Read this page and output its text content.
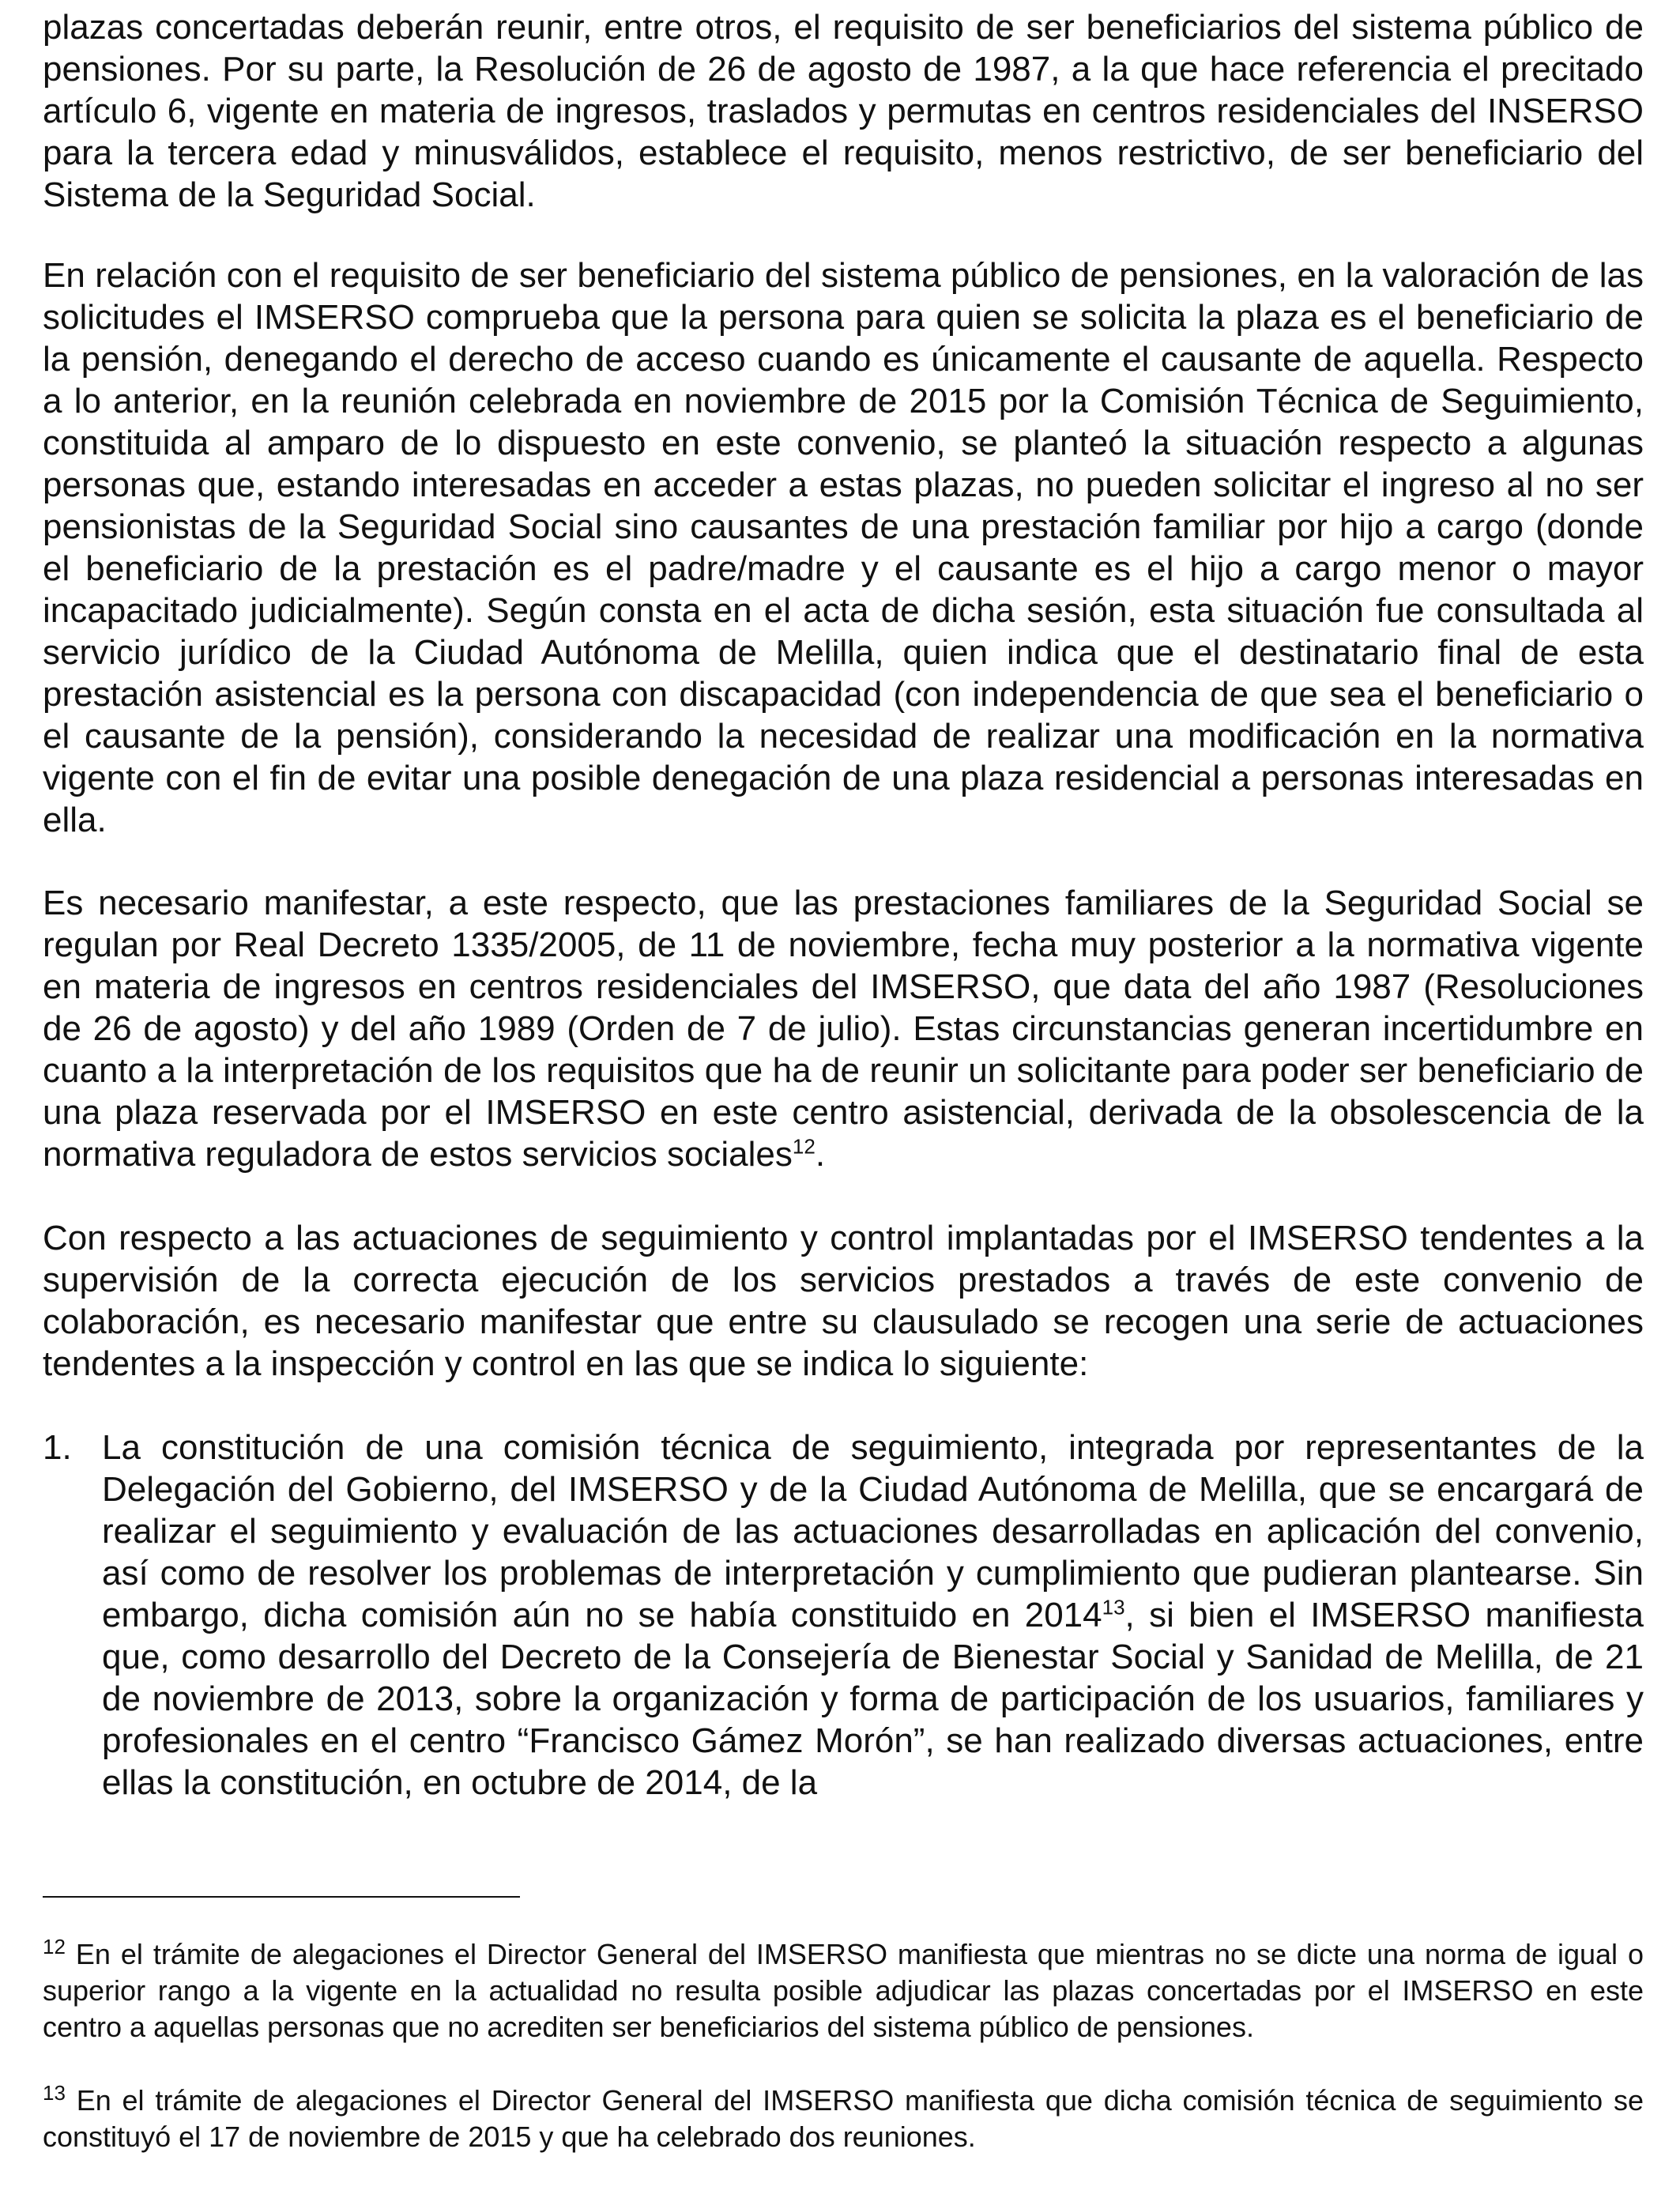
plazas concertadas deberán reunir, entre otros, el requisito de ser beneficiarios del sistema público de pensiones. Por su parte, la Resolución de 26 de agosto de 1987, a la que hace referencia el precitado artículo 6, vigente en materia de ingresos, traslados y permutas en centros residenciales del INSERSO para la tercera edad y minusválidos, establece el requisito, menos restrictivo, de ser beneficiario del Sistema de la Seguridad Social.

En relación con el requisito de ser beneficiario del sistema público de pensiones, en la valoración de las solicitudes el IMSERSO comprueba que la persona para quien se solicita la plaza es el beneficiario de la pensión, denegando el derecho de acceso cuando es únicamente el causante de aquella. Respecto a lo anterior, en la reunión celebrada en noviembre de 2015 por la Comisión Técnica de Seguimiento, constituida al amparo de lo dispuesto en este convenio, se planteó la situación respecto a algunas personas que, estando interesadas en acceder a estas plazas, no pueden solicitar el ingreso al no ser pensionistas de la Seguridad Social sino causantes de una prestación familiar por hijo a cargo (donde el beneficiario de la prestación es el padre/madre y el causante es el hijo a cargo menor o mayor incapacitado judicialmente). Según consta en el acta de dicha sesión, esta situación fue consultada al servicio jurídico de la Ciudad Autónoma de Melilla, quien indica que el destinatario final de esta prestación asistencial es la persona con discapacidad (con independencia de que sea el beneficiario o el causante de la pensión), considerando la necesidad de realizar una modificación en la normativa vigente con el fin de evitar una posible denegación de una plaza residencial a personas interesadas en ella.

Es necesario manifestar, a este respecto, que las prestaciones familiares de la Seguridad Social se regulan por Real Decreto 1335/2005, de 11 de noviembre, fecha muy posterior a la normativa vigente en materia de ingresos en centros residenciales del IMSERSO, que data del año 1987 (Resoluciones de 26 de agosto) y del año 1989 (Orden de 7 de julio). Estas circunstancias generan incertidumbre en cuanto a la interpretación de los requisitos que ha de reunir un solicitante para poder ser beneficiario de una plaza reservada por el IMSERSO en este centro asistencial, derivada de la obsolescencia de la normativa reguladora de estos servicios sociales$^{12}$.

Con respecto a las actuaciones de seguimiento y control implantadas por el IMSERSO tendentes a la supervisión de la correcta ejecución de los servicios prestados a través de este convenio de colaboración, es necesario manifestar que entre su clausulado se recogen una serie de actuaciones tendentes a la inspección y control en las que se indica lo siguiente:

1. La constitución de una comisión técnica de seguimiento, integrada por representantes de la Delegación del Gobierno, del IMSERSO y de la Ciudad Autónoma de Melilla, que se encargará de realizar el seguimiento y evaluación de las actuaciones desarrolladas en aplicación del convenio, así como de resolver los problemas de interpretación y cumplimiento que pudieran plantearse. Sin embargo, dicha comisión aún no se había constituido en 2014$^{13}$, si bien el IMSERSO manifiesta que, como desarrollo del Decreto de la Consejería de Bienestar Social y Sanidad de Melilla, de 21 de noviembre de 2013, sobre la organización y forma de participación de los usuarios, familiares y profesionales en el centro “Francisco Gámez Morón”, se han realizado diversas actuaciones, entre ellas la constitución, en octubre de 2014, de la

$^{12}$ En el trámite de alegaciones el Director General del IMSERSO manifiesta que mientras no se dicte una norma de igual o superior rango a la vigente en la actualidad no resulta posible adjudicar las plazas concertadas por el IMSERSO en este centro a aquellas personas que no acrediten ser beneficiarios del sistema público de pensiones.

$^{13}$ En el trámite de alegaciones el Director General del IMSERSO manifiesta que dicha comisión técnica de seguimiento se constituyó el 17 de noviembre de 2015 y que ha celebrado dos reuniones.
